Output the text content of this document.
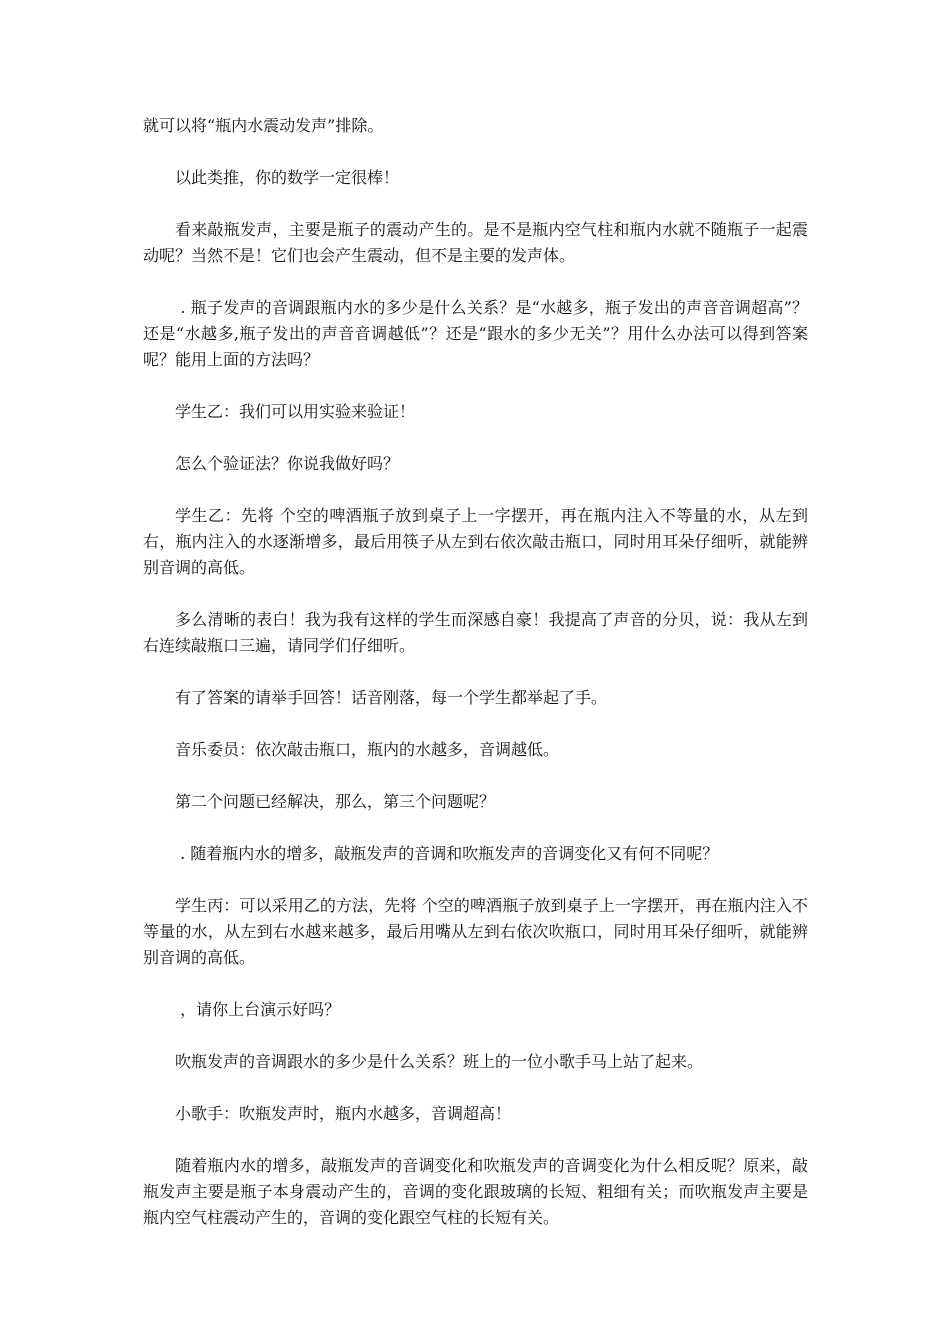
就可以将“瓶内水震动发声”排除。

以此类推，你的数学一定很棒！

看来敲瓶发声，主要是瓶子的震动产生的。是不是瓶内空气柱和瓶内水就不随瓶子一起震动呢？当然不是！它们也会产生震动，但不是主要的发声体。

. 瓶子发声的音调跟瓶内水的多少是什么关系？是“水越多，瓶子发出的声音音调超高”？还是“水越多,瓶子发出的声音音调越低”？还是“跟水的多少无关”？用什么办法可以得到答案呢？能用上面的方法吗？

学生乙：我们可以用实验来验证！

怎么个验证法？你说我做好吗？

学生乙：先将 个空的啤酒瓶子放到桌子上一字摆开，再在瓶内注入不等量的水，从左到右，瓶内注入的水逐渐增多，最后用筷子从左到右依次敲击瓶口，同时用耳朵仔细听，就能辨别音调的高低。

多么清晰的表白！我为我有这样的学生而深感自豪！我提高了声音的分贝，说：我从左到右连续敲瓶口三遍，请同学们仔细听。

有了答案的请举手回答！话音刚落，每一个学生都举起了手。

音乐委员：依次敲击瓶口，瓶内的水越多，音调越低。

第二个问题已经解决，那么，第三个问题呢？

. 随着瓶内水的增多，敲瓶发声的音调和吹瓶发声的音调变化又有何不同呢？

学生丙：可以采用乙的方法，先将 个空的啤酒瓶子放到桌子上一字摆开，再在瓶内注入不等量的水，从左到右水越来越多，最后用嘴从左到右依次吹瓶口，同时用耳朵仔细听，就能辨别音调的高低。

，请你上台演示好吗？

吹瓶发声的音调跟水的多少是什么关系？班上的一位小歌手马上站了起来。

小歌手：吹瓶发声时，瓶内水越多，音调超高！

随着瓶内水的增多，敲瓶发声的音调变化和吹瓶发声的音调变化为什么相反呢？原来，敲瓶发声主要是瓶子本身震动产生的，音调的变化跟玻璃的长短、粗细有关；而吹瓶发声主要是瓶内空气柱震动产生的，音调的变化跟空气柱的长短有关。
